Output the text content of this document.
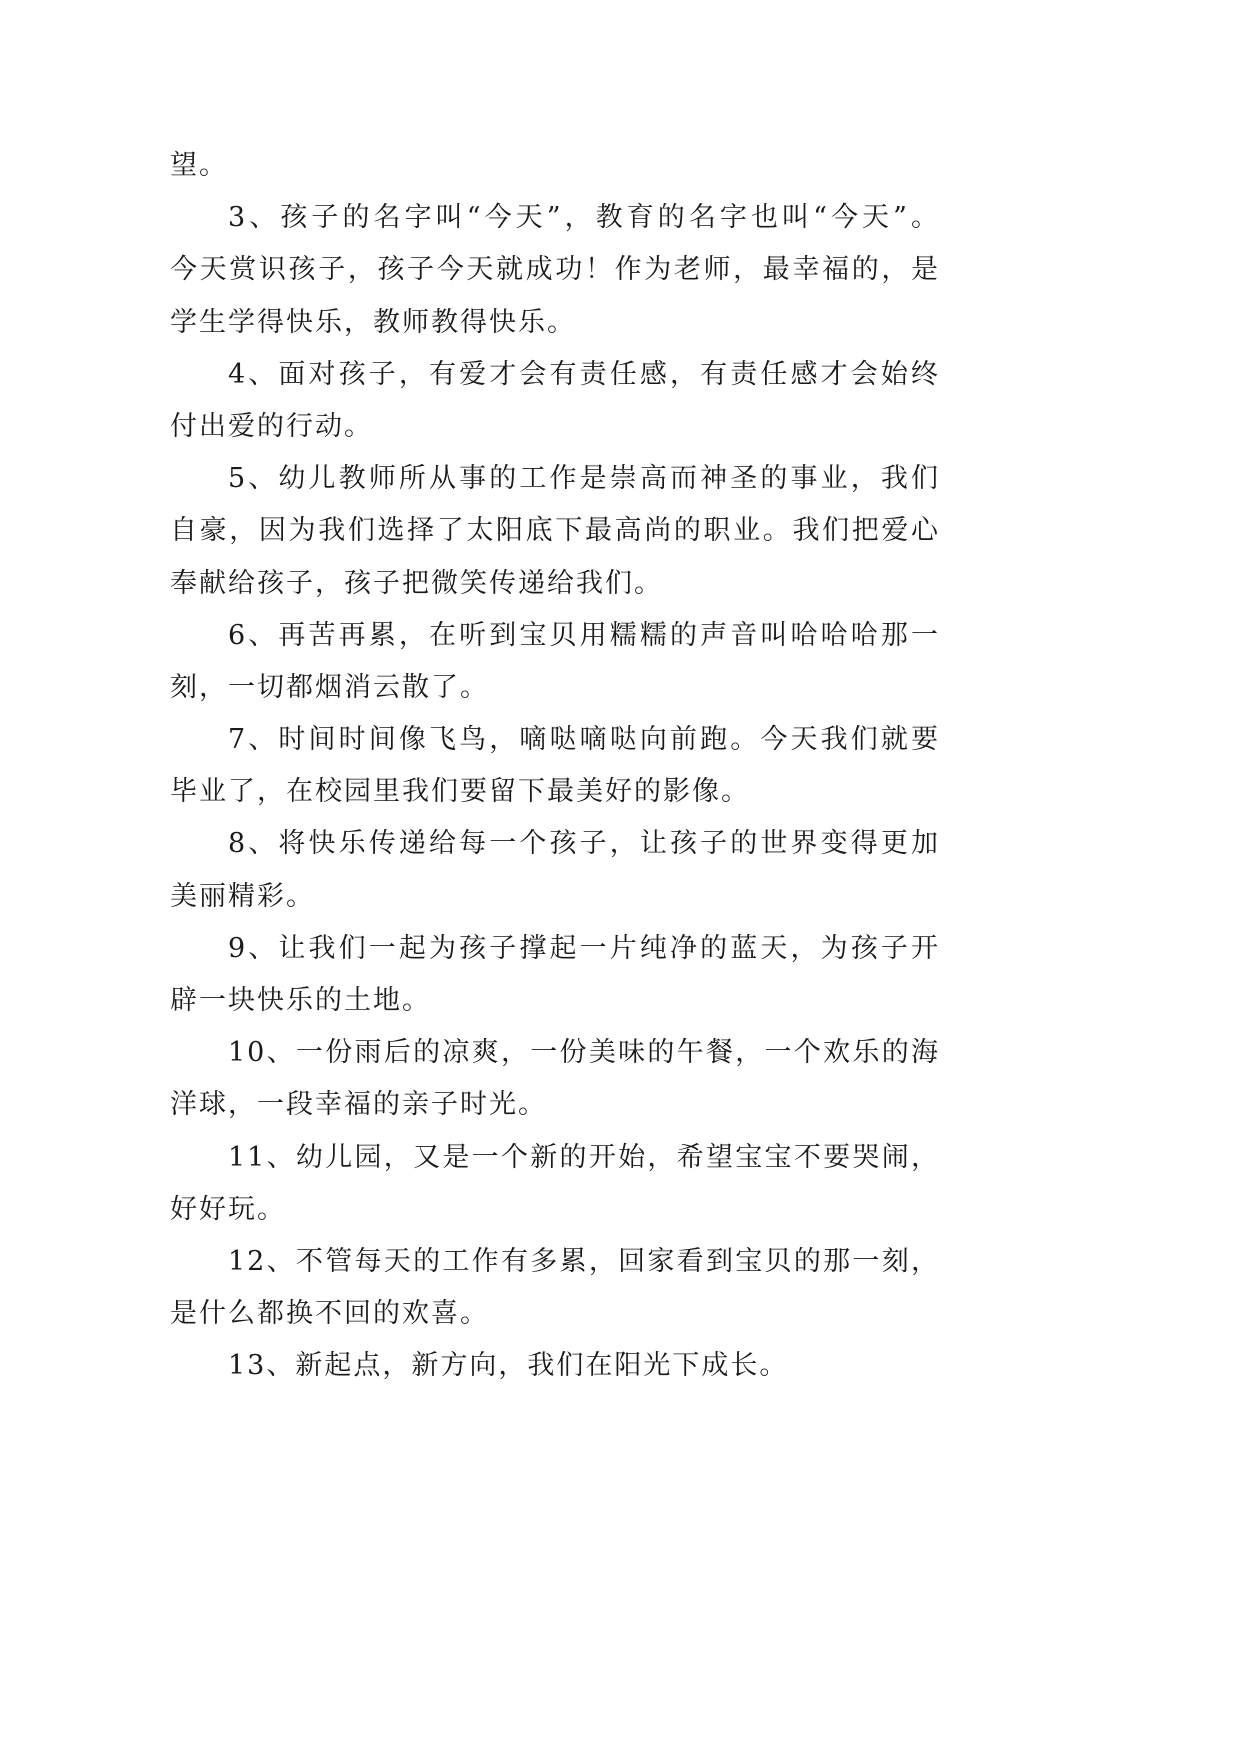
望。
3、孩子的名字叫“今天”，教育的名字也叫“今天”。
今天赏识孩子，孩子今天就成功！作为老师，最幸福的，是
学生学得快乐，教师教得快乐。
4、面对孩子，有爱才会有责任感，有责任感才会始终
付出爱的行动。
5、幼儿教师所从事的工作是崇高而神圣的事业，我们
自豪，因为我们选择了太阳底下最高尚的职业。我们把爱心
奉献给孩子，孩子把微笑传递给我们。
6、再苦再累，在听到宝贝用糯糯的声音叫哈哈哈那一
刻，一切都烟消云散了。
7、时间时间像飞鸟，嘀哒嘀哒向前跑。今天我们就要
毕业了，在校园里我们要留下最美好的影像。
8、将快乐传递给每一个孩子，让孩子的世界变得更加
美丽精彩。
9、让我们一起为孩子撑起一片纯净的蓝天，为孩子开
辟一块快乐的土地。
10、一份雨后的凉爽，一份美味的午餐，一个欢乐的海
洋球，一段幸福的亲子时光。
11、幼儿园，又是一个新的开始，希望宝宝不要哭闹，
好好玩。
12、不管每天的工作有多累，回家看到宝贝的那一刻，
是什么都换不回的欢喜。
13、新起点，新方向，我们在阳光下成长。
